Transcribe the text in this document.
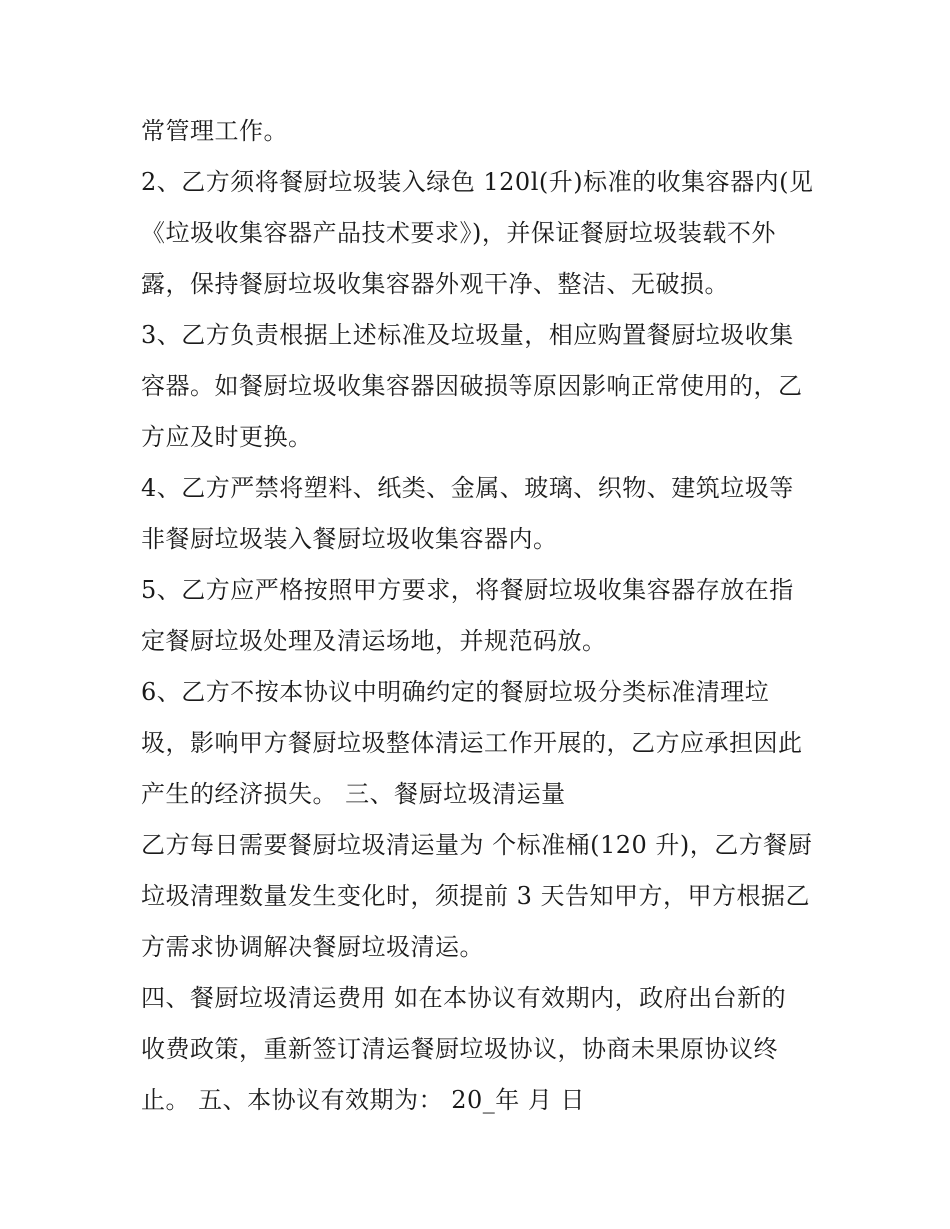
常管理工作。
2、乙方须将餐厨垃圾装入绿色 120l(升)标准的收集容器内(见
《垃圾收集容器产品技术要求》)，并保证餐厨垃圾装载不外
露，保持餐厨垃圾收集容器外观干净、整洁、无破损。
3、乙方负责根据上述标准及垃圾量，相应购置餐厨垃圾收集
容器。如餐厨垃圾收集容器因破损等原因影响正常使用的，乙
方应及时更换。
4、乙方严禁将塑料、纸类、金属、玻璃、织物、建筑垃圾等
非餐厨垃圾装入餐厨垃圾收集容器内。
5、乙方应严格按照甲方要求，将餐厨垃圾收集容器存放在指
定餐厨垃圾处理及清运场地，并规范码放。
6、乙方不按本协议中明确约定的餐厨垃圾分类标准清理垃
圾，影响甲方餐厨垃圾整体清运工作开展的，乙方应承担因此
产生的经济损失。 三、餐厨垃圾清运量
乙方每日需要餐厨垃圾清运量为 个标准桶(120 升)，乙方餐厨
垃圾清理数量发生变化时，须提前 3 天告知甲方，甲方根据乙
方需求协调解决餐厨垃圾清运。
四、餐厨垃圾清运费用 如在本协议有效期内，政府出台新的
收费政策，重新签订清运餐厨垃圾协议，协商未果原协议终
止。 五、本协议有效期为： 20_年 月 日
